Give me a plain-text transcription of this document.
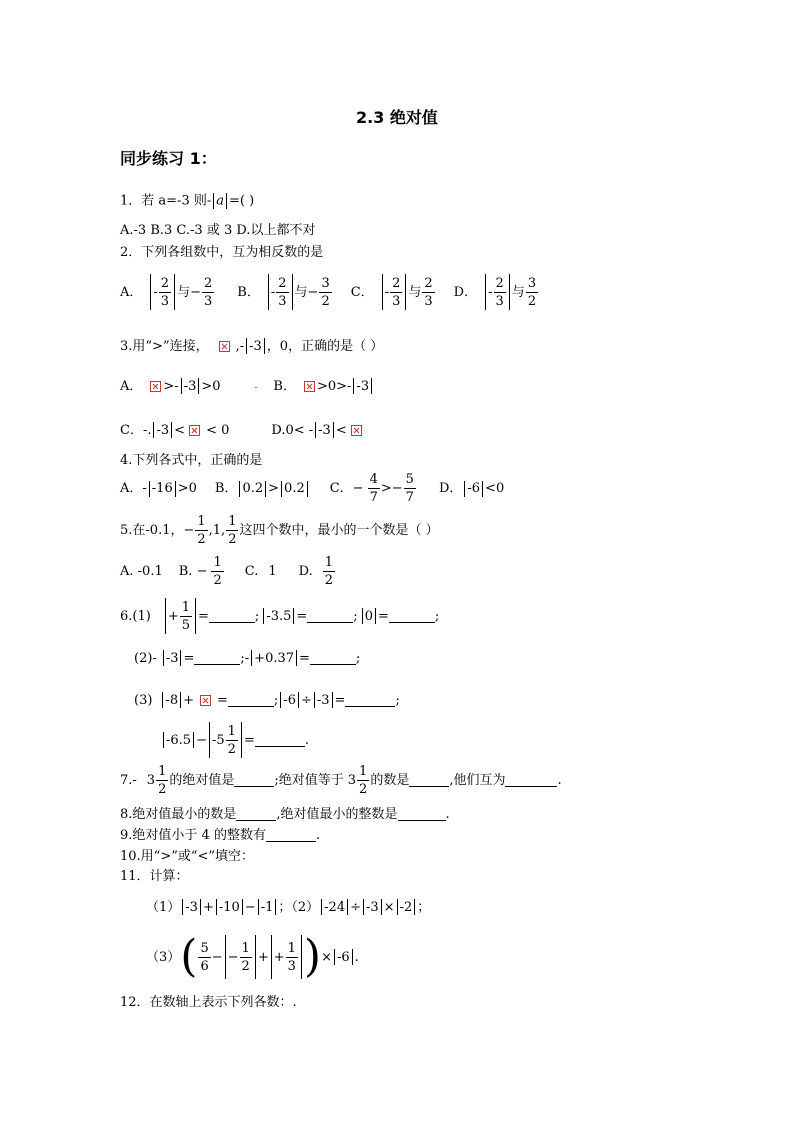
2.3 绝对值
同步练习 1：
1．若 a=-3 则- a =( )
A.-3 B.3 C.-3 或 3 D.以上都不对
2．下列各组数中，互为相反数的是
A． - $\frac{2}{3}$ 与 − $\frac{2}{3}$ B． - $\frac{2}{3}$ 与 − $\frac{3}{2}$ C． - $\frac{2}{3}$ 与 $\frac{2}{3}$ D． - $\frac{2}{3}$ 与 $\frac{3}{2}$
3.用“>”连接， ,- -3 ，0，正确的是（ ）
A． >- -3 >0	. B． >0>- -3
C．-. -3 < < 0	D.0< - -3 <
4.下列各式中，正确的是
A．- -16 >0 B． 0.2 > 0.2 C．− $\frac{4}{7} >- \frac{5}{7}$ D． -6 <0
5.在-0.1，− $\frac{1}{2} ,1$, $\frac{1}{2}$ 这四个数中，最小的一个数是（ ）
A. -0.1 B. − $\frac{1}{2} C$. 1 D. $\frac{1}{2}$
$6.(1) + \frac{1}{5}$ =	; -3.5 =	; 0 =	;
(2)- -3 =	;- +0.37 =	;
(3) -8 + =	; -6 ÷ -3 =	;
$-6.5 - -5 \frac{1}{2}$ =	.
7.- $3 \frac{1}{2}$ 的绝对值是	;绝对值等于 $3 \frac{1}{2}$ 的数是	,他们互为	.
8.绝对值最小的数是	,绝对值最小的整数是	.
9.绝对值小于 4 的整数有	.
10.用“>”或“<”填空：
11．计算：
（1） -3 + -10 − -1 ；（2） -24 ÷ -3 × -2 ；
（3） ( $\frac{5}{6}$ − − $\frac{1}{2}$ + + $\frac{1}{3}$ ) × -6 .
12．在数轴上表示下列各数：.
